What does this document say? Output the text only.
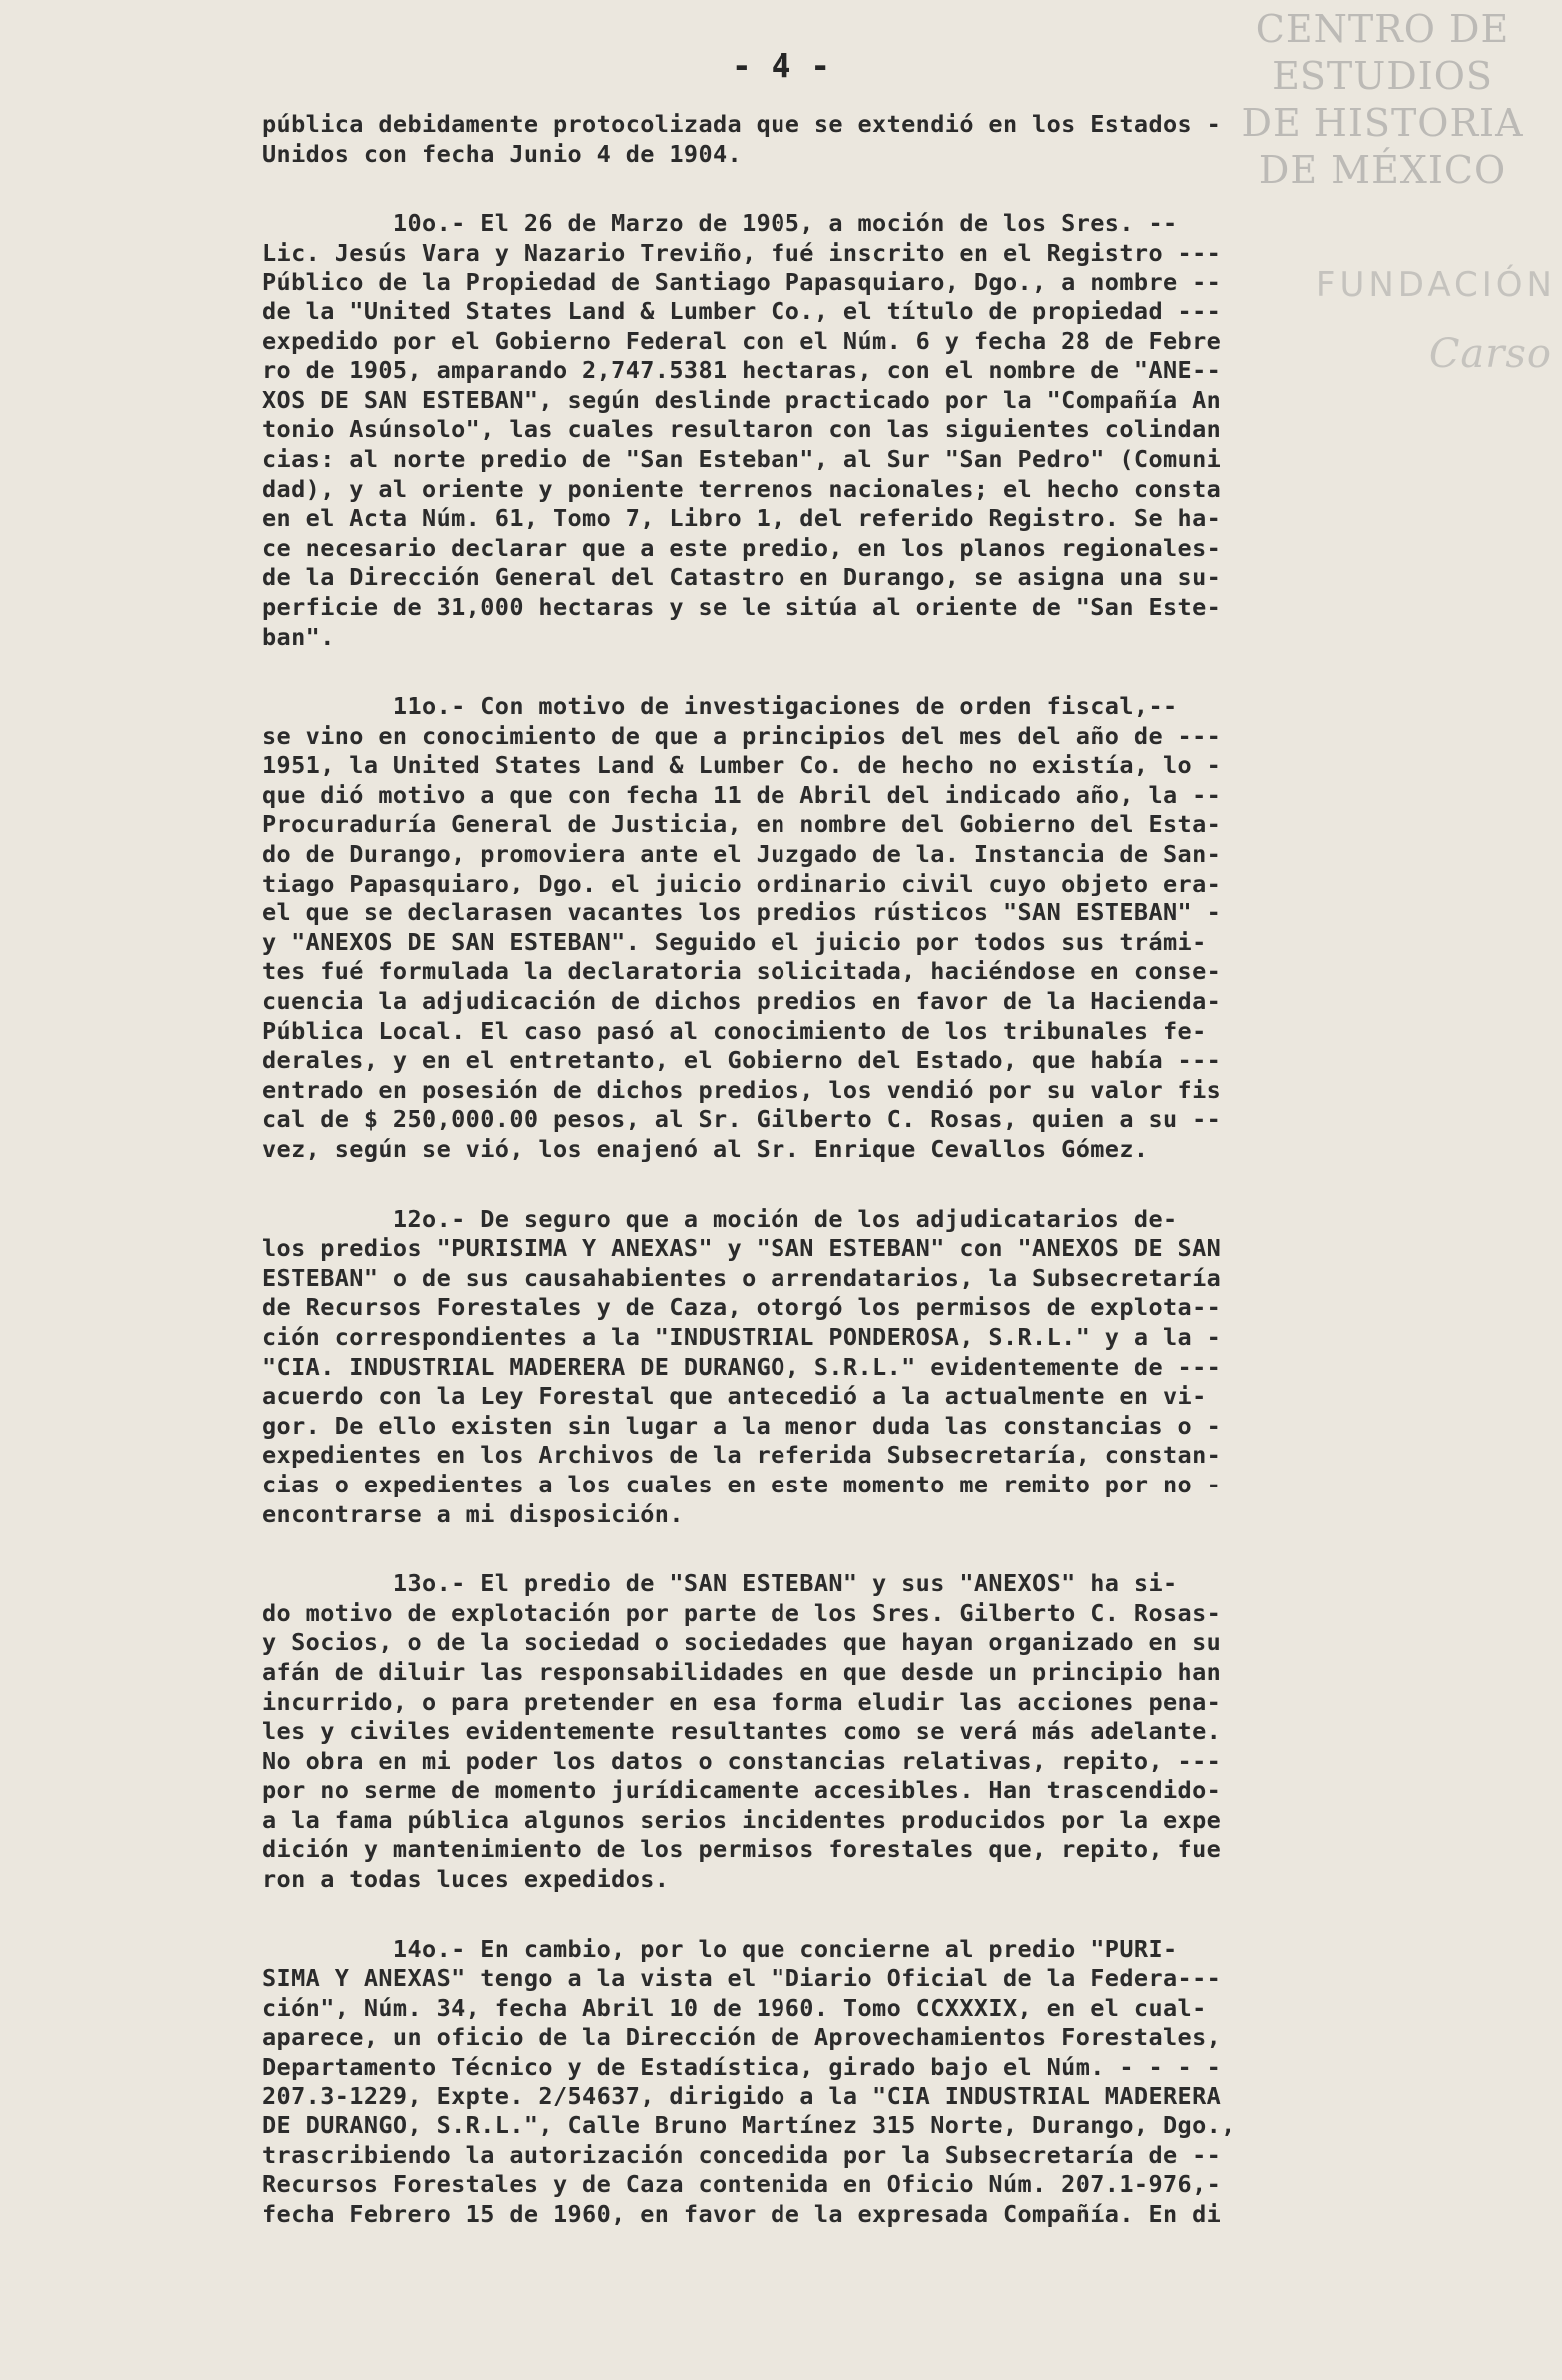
CENTRO DE
ESTUDIOS
DE HISTORIA
DE MÉXICO
FUNDACIÓN
Carso
- 4 -
pública debidamente protocolizada que se extendió en los Estados -
Unidos con fecha Junio 4 de 1904.
10o.- El 26 de Marzo de 1905, a moción de los Sres. --
Lic. Jesús Vara y Nazario Treviño, fué inscrito en el Registro ---
Público de la Propiedad de Santiago Papasquiaro, Dgo., a nombre --
de la "United States Land & Lumber Co., el título de propiedad ---
expedido por el Gobierno Federal con el Núm. 6 y fecha 28 de Febre
ro de 1905, amparando 2,747.5381 hectaras, con el nombre de "ANE--
XOS DE SAN ESTEBAN", según deslinde practicado por la "Compañía An
tonio Asúnsolo", las cuales resultaron con las siguientes colindan
cias: al norte predio de "San Esteban", al Sur "San Pedro" (Comuni
dad), y al oriente y poniente terrenos nacionales; el hecho consta
en el Acta Núm. 61, Tomo 7, Libro 1, del referido Registro. Se ha-
ce necesario declarar que a este predio, en los planos regionales-
de la Dirección General del Catastro en Durango, se asigna una su-
perficie de 31,000 hectaras y se le sitúa al oriente de "San Este-
ban".
11o.- Con motivo de investigaciones de orden fiscal,--
se vino en conocimiento de que a principios del mes del año de ---
1951, la United States Land & Lumber Co. de hecho no existía, lo -
que dió motivo a que con fecha 11 de Abril del indicado año, la --
Procuraduría General de Justicia, en nombre del Gobierno del Esta-
do de Durango, promoviera ante el Juzgado de la. Instancia de San-
tiago Papasquiaro, Dgo. el juicio ordinario civil cuyo objeto era-
el que se declarasen vacantes los predios rústicos "SAN ESTEBAN" -
y "ANEXOS DE SAN ESTEBAN". Seguido el juicio por todos sus trámi-
tes fué formulada la declaratoria solicitada, haciéndose en conse-
cuencia la adjudicación de dichos predios en favor de la Hacienda-
Pública Local. El caso pasó al conocimiento de los tribunales fe-
derales, y en el entretanto, el Gobierno del Estado, que había ---
entrado en posesión de dichos predios, los vendió por su valor fis
cal de $ 250,000.00 pesos, al Sr. Gilberto C. Rosas, quien a su --
vez, según se vió, los enajenó al Sr. Enrique Cevallos Gómez.
12o.- De seguro que a moción de los adjudicatarios de-
los predios "PURISIMA Y ANEXAS" y "SAN ESTEBAN" con "ANEXOS DE SAN
ESTEBAN" o de sus causahabientes o arrendatarios, la Subsecretaría
de Recursos Forestales y de Caza, otorgó los permisos de explota--
ción correspondientes a la "INDUSTRIAL PONDEROSA, S.R.L." y a la -
"CIA. INDUSTRIAL MADERERA DE DURANGO, S.R.L." evidentemente de ---
acuerdo con la Ley Forestal que antecedió a la actualmente en vi-
gor. De ello existen sin lugar a la menor duda las constancias o -
expedientes en los Archivos de la referida Subsecretaría, constan-
cias o expedientes a los cuales en este momento me remito por no -
encontrarse a mi disposición.
13o.- El predio de "SAN ESTEBAN" y sus "ANEXOS" ha si-
do motivo de explotación por parte de los Sres. Gilberto C. Rosas-
y Socios, o de la sociedad o sociedades que hayan organizado en su
afán de diluir las responsabilidades en que desde un principio han
incurrido, o para pretender en esa forma eludir las acciones pena-
les y civiles evidentemente resultantes como se verá más adelante.
No obra en mi poder los datos o constancias relativas, repito, ---
por no serme de momento jurídicamente accesibles. Han trascendido-
a la fama pública algunos serios incidentes producidos por la expe
dición y mantenimiento de los permisos forestales que, repito, fue
ron a todas luces expedidos.
14o.- En cambio, por lo que concierne al predio "PURI-
SIMA Y ANEXAS" tengo a la vista el "Diario Oficial de la Federa---
ción", Núm. 34, fecha Abril 10 de 1960. Tomo CCXXXIX, en el cual-
aparece, un oficio de la Dirección de Aprovechamientos Forestales,
Departamento Técnico y de Estadística, girado bajo el Núm. - - - -
207.3-1229, Expte. 2/54637, dirigido a la "CIA INDUSTRIAL MADERERA
DE DURANGO, S.R.L.", Calle Bruno Martínez 315 Norte, Durango, Dgo.,
trascribiendo la autorización concedida por la Subsecretaría de --
Recursos Forestales y de Caza contenida en Oficio Núm. 207.1-976,-
fecha Febrero 15 de 1960, en favor de la expresada Compañía. En di
